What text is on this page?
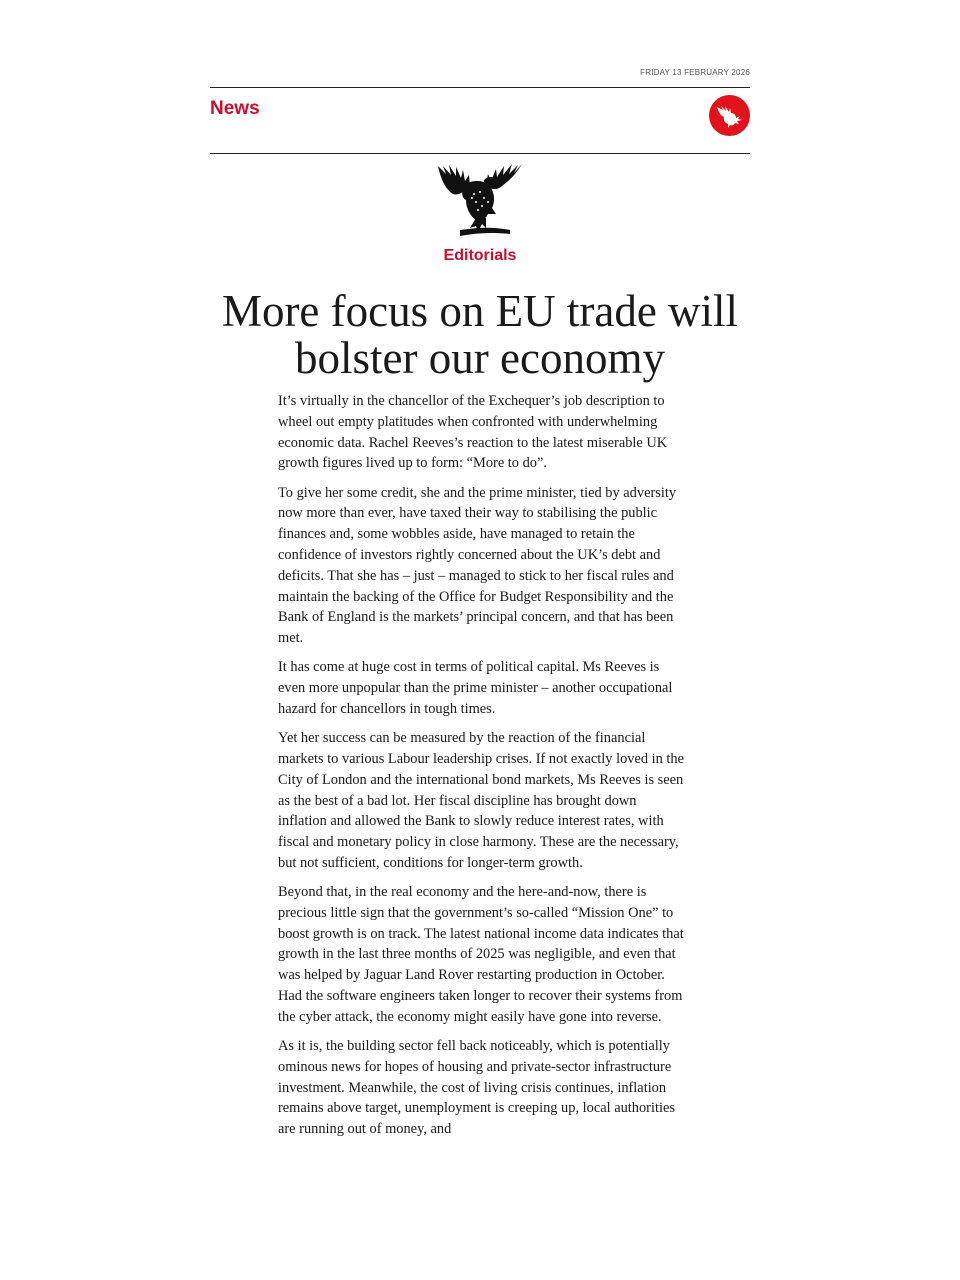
FRIDAY 13 FEBRUARY 2026
News
Editorials
More focus on EU trade will bolster our economy

It’s virtually in the chancellor of the Exchequer’s job description to wheel out empty platitudes when confronted with underwhelming economic data. Rachel Reeves’s reaction to the latest miserable UK growth figures lived up to form: “More to do”.

To give her some credit, she and the prime minister, tied by adversity now more than ever, have taxed their way to stabilising the public finances and, some wobbles aside, have managed to retain the confidence of investors rightly concerned about the UK’s debt and deficits. That she has – just – managed to stick to her fiscal rules and maintain the backing of the Office for Budget Responsibility and the Bank of England is the markets’ principal concern, and that has been met.

It has come at huge cost in terms of political capital. Ms Reeves is even more unpopular than the prime minister – another occupational hazard for chancellors in tough times.

Yet her success can be measured by the reaction of the financial markets to various Labour leadership crises. If not exactly loved in the City of London and the international bond markets, Ms Reeves is seen as the best of a bad lot. Her fiscal discipline has brought down inflation and allowed the Bank to slowly reduce interest rates, with fiscal and monetary policy in close harmony. These are the necessary, but not sufficient, conditions for longer-term growth.

Beyond that, in the real economy and the here-and-now, there is precious little sign that the government’s so-called “Mission One” to boost growth is on track. The latest national income data indicates that growth in the last three months of 2025 was negligible, and even that was helped by Jaguar Land Rover restarting production in October. Had the software engineers taken longer to recover their systems from the cyber attack, the economy might easily have gone into reverse.

As it is, the building sector fell back noticeably, which is potentially ominous news for hopes of housing and private-sector infrastructure investment. Meanwhile, the cost of living crisis continues, inflation remains above target, unemployment is creeping up, local authorities are running out of money, and
